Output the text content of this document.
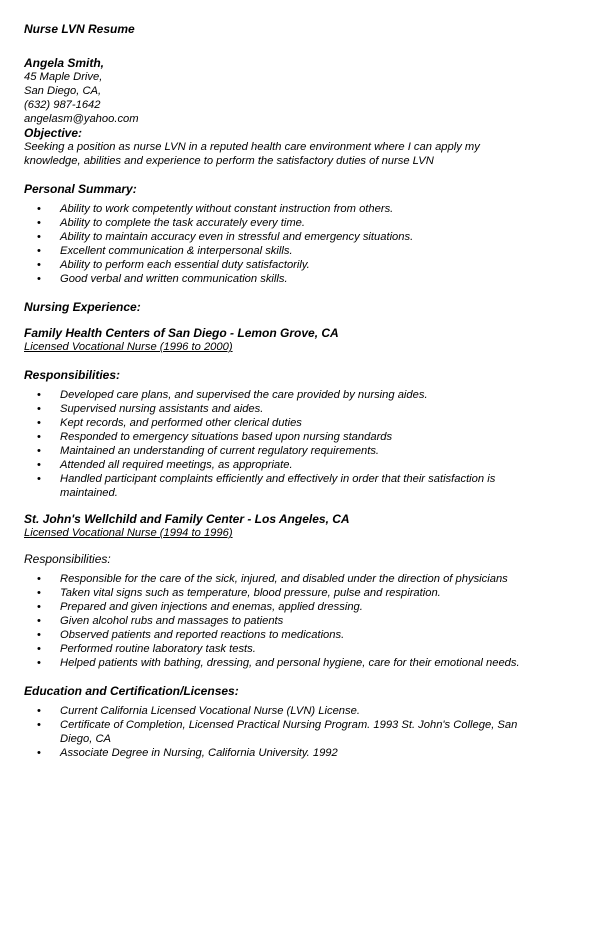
Nurse LVN Resume
Angela Smith,
45 Maple Drive,
San Diego, CA,
(632) 987-1642
angelasm@yahoo.com
Objective:
Seeking a position as nurse LVN in a reputed health care environment where I can apply my
knowledge, abilities and experience to perform the satisfactory duties of nurse LVN
Personal Summary:
• Ability to work competently without constant instruction from others.
• Ability to complete the task accurately every time.
• Ability to maintain accuracy even in stressful and emergency situations.
• Excellent communication & interpersonal skills.
• Ability to perform each essential duty satisfactorily.
• Good verbal and written communication skills.
Nursing Experience:
Family Health Centers of San Diego - Lemon Grove, CA
Licensed Vocational Nurse (1996 to 2000)
Responsibilities:
• Developed care plans, and supervised the care provided by nursing aides.
• Supervised nursing assistants and aides.
• Kept records, and performed other clerical duties
• Responded to emergency situations based upon nursing standards
• Maintained an understanding of current regulatory requirements.
• Attended all required meetings, as appropriate.
• Handled participant complaints efficiently and effectively in order that their satisfaction is
maintained.
St. John's Wellchild and Family Center - Los Angeles, CA
Licensed Vocational Nurse (1994 to 1996)
Responsibilities:
• Responsible for the care of the sick, injured, and disabled under the direction of physicians
• Taken vital signs such as temperature, blood pressure, pulse and respiration.
• Prepared and given injections and enemas, applied dressing.
• Given alcohol rubs and massages to patients
• Observed patients and reported reactions to medications.
• Performed routine laboratory task tests.
• Helped patients with bathing, dressing, and personal hygiene, care for their emotional needs.
Education and Certification/Licenses:
• Current California Licensed Vocational Nurse (LVN) License.
• Certificate of Completion, Licensed Practical Nursing Program. 1993 St. John's College, San
Diego, CA
• Associate Degree in Nursing, California University. 1992
